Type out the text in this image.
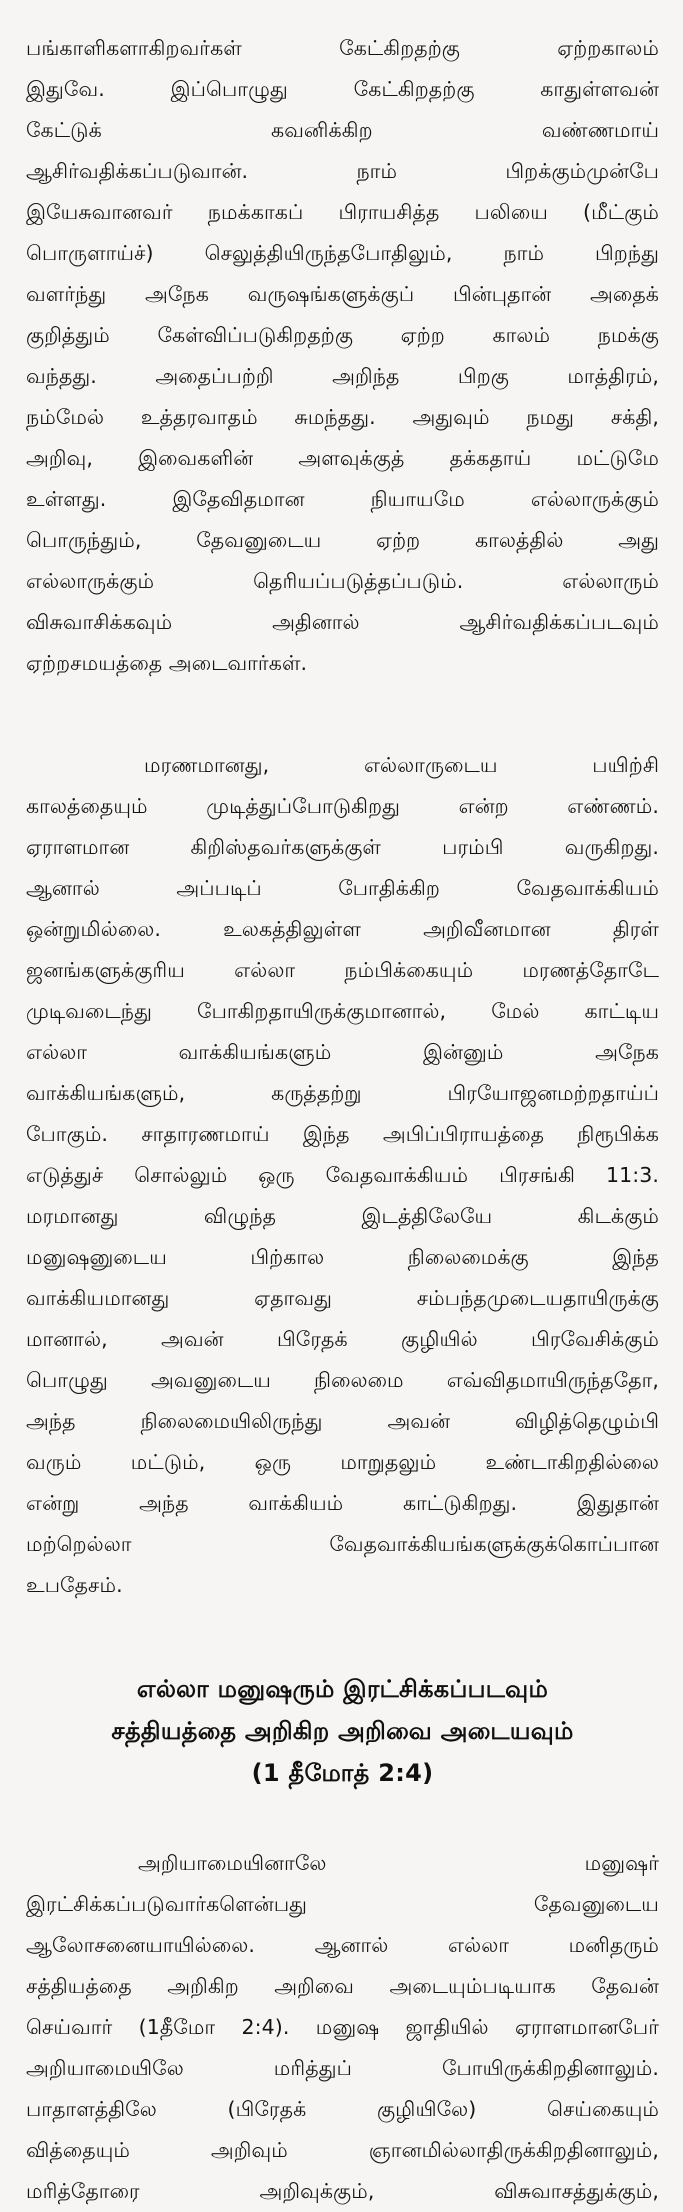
பங்காளிகளாகிறவர்கள் கேட்கிறதற்கு ஏற்றகாலம்
இதுவே. இப்பொழுது கேட்கிறதற்கு காதுள்ளவன்
கேட்டுக் கவனிக்கிற வண்ணமாய்
ஆசிர்வதிக்கப்படுவான். நாம் பிறக்கும்முன்பே
இயேசுவானவர் நமக்காகப் பிராயசித்த பலியை (மீட்கும்
பொருளாய்ச்) செலுத்தியிருந்தபோதிலும், நாம் பிறந்து
வளர்ந்து அநேக வருஷங்களுக்குப் பின்புதான் அதைக்
குறித்தும் கேள்விப்படுகிறதற்கு ஏற்ற காலம் நமக்கு
வந்தது. அதைப்பற்றி அறிந்த பிறகு மாத்திரம்,
நம்மேல் உத்தரவாதம் சுமந்தது. அதுவும் நமது சக்தி,
அறிவு, இவைகளின் அளவுக்குத் தக்கதாய் மட்டுமே
உள்ளது. இதேவிதமான நியாயமே எல்லாருக்கும்
பொருந்தும், தேவனுடைய ஏற்ற காலத்தில் அது
எல்லாருக்கும் தெரியப்படுத்தப்படும். எல்லாரும்
விசுவாசிக்கவும் அதினால் ஆசிர்வதிக்கப்படவும்
ஏற்றசமயத்தை அடைவார்கள்.
மரணமானது, எல்லாருடைய பயிற்சி
காலத்தையும் முடித்துப்போடுகிறது என்ற எண்ணம்.
ஏராளமான கிறிஸ்தவர்களுக்குள் பரம்பி வருகிறது.
ஆனால் அப்படிப் போதிக்கிற வேதவாக்கியம்
ஒன்றுமில்லை. உலகத்திலுள்ள அறிவீனமான திரள்
ஜனங்களுக்குரிய எல்லா நம்பிக்கையும் மரணத்தோடே
முடிவடைந்து போகிறதாயிருக்குமானால், மேல் காட்டிய
எல்லா வாக்கியங்களும் இன்னும் அநேக
வாக்கியங்களும், கருத்தற்று பிரயோஜனமற்றதாய்ப்
போகும். சாதாரணமாய் இந்த அபிப்பிராயத்தை நிரூபிக்க
எடுத்துச் சொல்லும் ஒரு வேதவாக்கியம் பிரசங்கி 11:3.
மரமானது விழுந்த இடத்திலேயே கிடக்கும்
மனுஷனுடைய பிற்கால நிலைமைக்கு இந்த
வாக்கியமானது ஏதாவது சம்பந்தமுடையதாயிருக்கு
மானால், அவன் பிரேதக் குழியில் பிரவேசிக்கும்
பொழுது அவனுடைய நிலைமை எவ்விதமாயிருந்ததோ,
அந்த நிலைமையிலிருந்து அவன் விழித்தெழும்பி
வரும் மட்டும், ஒரு மாறுதலும் உண்டாகிறதில்லை
என்று அந்த வாக்கியம் காட்டுகிறது. இதுதான்
மற்றெல்லா வேதவாக்கியங்களுக்குக்கொப்பான
உபதேசம்.
எல்லா மனுஷரும் இரட்சிக்கப்படவும்
சத்தியத்தை அறிகிற அறிவை அடையவும்
(1 தீமோத் 2:4)
அறியாமையினாலே மனுஷர்
இரட்சிக்கப்படுவார்களென்பது தேவனுடைய
ஆலோசனையாயில்லை. ஆனால் எல்லா மனிதரும்
சத்தியத்தை அறிகிற அறிவை அடையும்படியாக தேவன்
செய்வார் (1தீமோ 2:4). மனுஷ ஜாதியில் ஏராளமானபேர்
அறியாமையிலே மரித்துப் போயிருக்கிறதினாலும்.
பாதாளத்திலே (பிரேதக் குழியிலே) செய்கையும்
வித்தையும் அறிவும் ஞானமில்லாதிருக்கிறதினாலும்,
மரித்தோரை அறிவுக்கும், விசுவாசத்துக்கும்,
